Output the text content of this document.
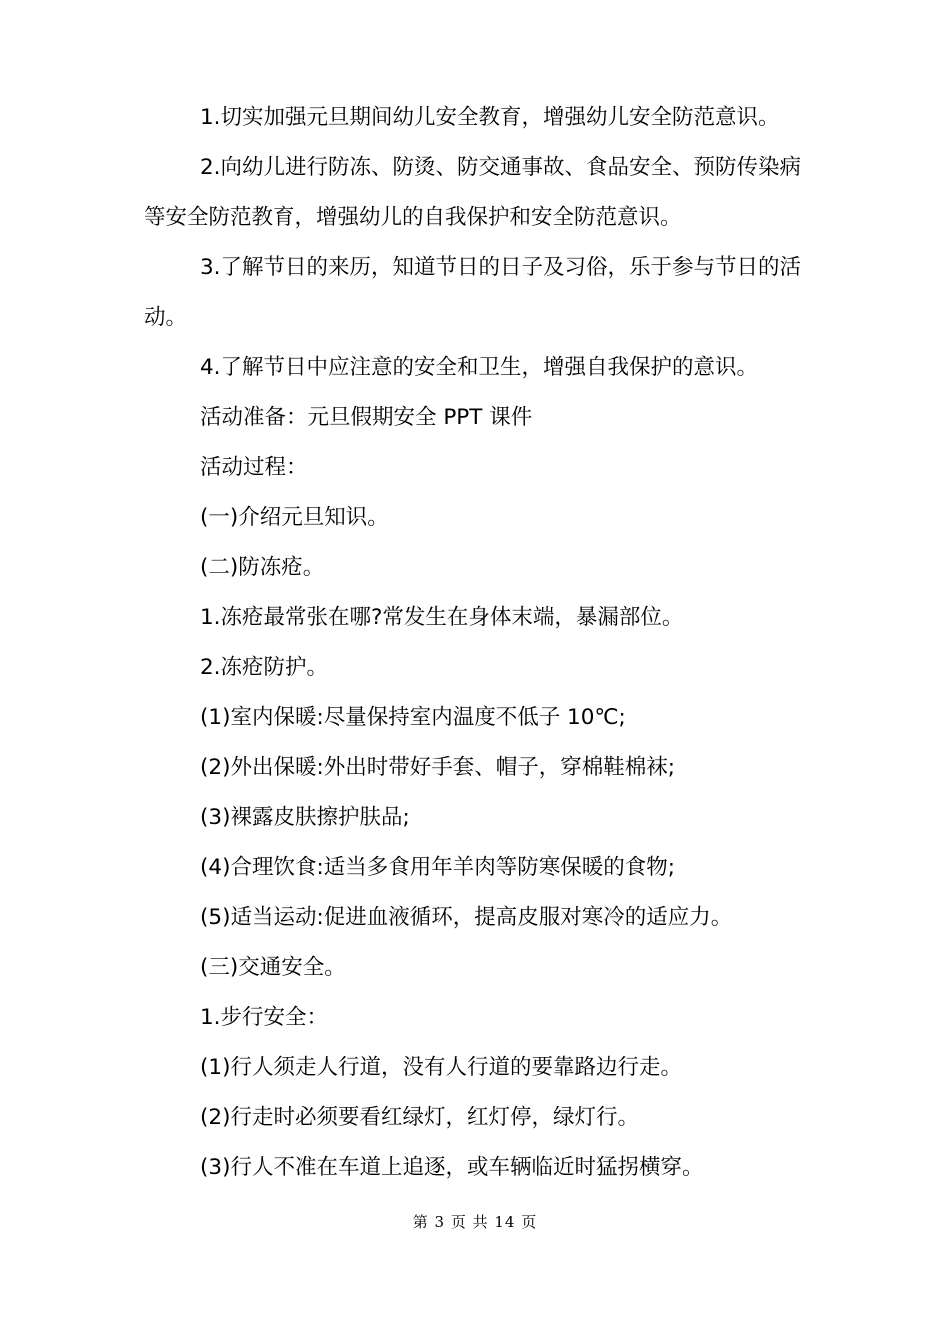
1.切实加强元旦期间幼儿安全教育，增强幼儿安全防范意识。

2.向幼儿进行防冻、防烫、防交通事故、食品安全、预防传染病等安全防范教育，增强幼儿的自我保护和安全防范意识。

3.了解节日的来历，知道节日的日子及习俗，乐于参与节日的活动。

4.了解节日中应注意的安全和卫生，增强自我保护的意识。

活动准备：元旦假期安全 PPT 课件

活动过程：

(一)介绍元旦知识。

(二)防冻疮。

1.冻疮最常张在哪?常发生在身体末端，暴漏部位。

2.冻疮防护。

(1)室内保暖:尽量保持室内温度不低子 10℃;

(2)外出保暖:外出时带好手套、帽子，穿棉鞋棉袜;

(3)裸露皮肤擦护肤品;

(4)合理饮食:适当多食用年羊肉等防寒保暖的食物;

(5)适当运动:促进血液循环，提高皮服对寒冷的适应力。

(三)交通安全。

1.步行安全：

(1)行人须走人行道，没有人行道的要靠路边行走。

(2)行走时必须要看红绿灯，红灯停，绿灯行。

(3)行人不准在车道上追逐，或车辆临近时猛拐横穿。

第 3 页 共 14 页
